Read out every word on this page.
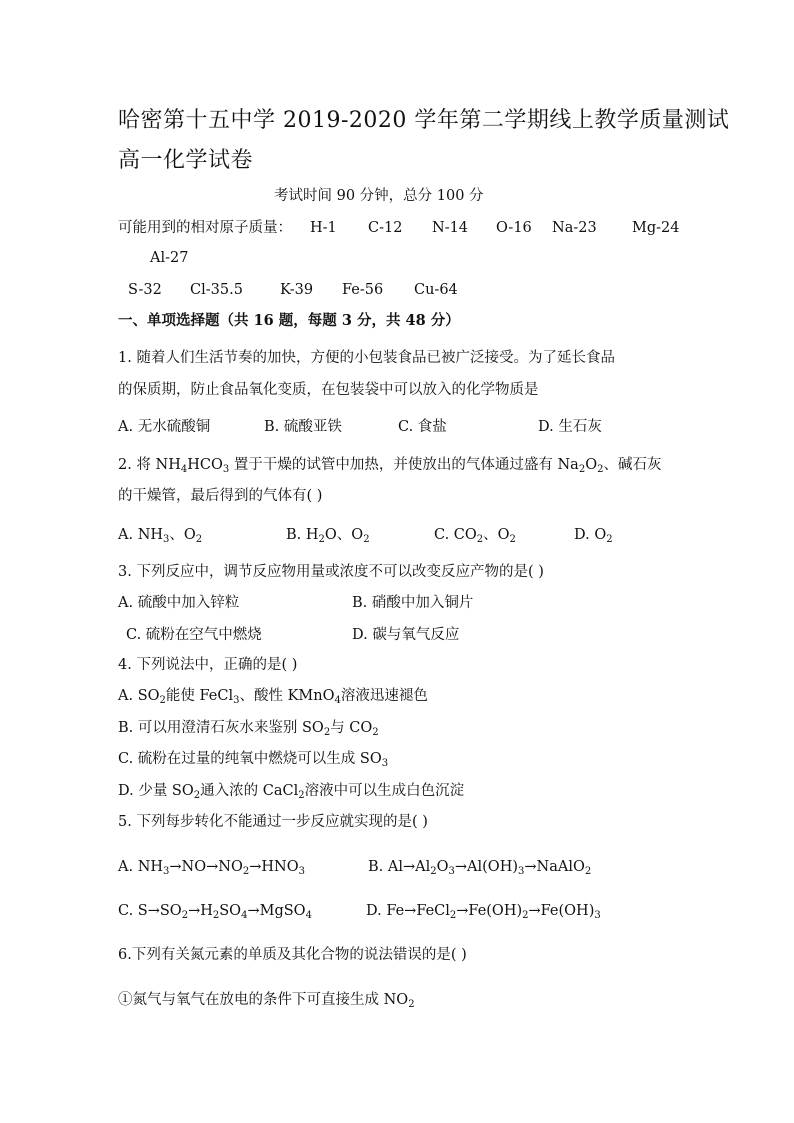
哈密第十五中学 2019-2020 学年第二学期线上教学质量测试
高一化学试卷
考试时间 90 分钟，总分 100 分
可能用到的相对原子质量： H-1 C-12 N-14 O-16 Na-23 Mg-24
Al-27
S-32 Cl-35.5	K-39 Fe-56 Cu-64
一、单项选择题（共 16 题，每题 3 分，共 48 分）
1. 随着人们生活节奏的加快，方便的小包装食品已被广泛接受。为了延长食品
的保质期，防止食品氧化变质，在包装袋中可以放入的化学物质是
A. 无水硫酸铜	B. 硫酸亚铁	C. 食盐	D. 生石灰
2. 将 $NH_4HCO_3$ 置于干燥的试管中加热，并使放出的气体通过盛有 $Na_2O_2$、碱石灰
的干燥管，最后得到的气体有( )
A. $NH_3$、$O_2$	B. $H_2O$、$O_2$	C. $CO_2$、$O_2$	D. $O_2$
3. 下列反应中，调节反应物用量或浓度不可以改变反应产物的是( )
A. 硫酸中加入锌粒	B. 硝酸中加入铜片
C. 硫粉在空气中燃烧	D. 碳与氧气反应
4. 下列说法中，正确的是( )
A. $SO_2$能使 FeCl$_3$、酸性 KMnO$_4$溶液迅速褪色
B. 可以用澄清石灰水来鉴别 $SO_2$与 $CO_2$
C. 硫粉在过量的纯氧中燃烧可以生成 $SO_3$
D. 少量 $SO_2$通入浓的 CaCl$_2$溶液中可以生成白色沉淀
5. 下列每步转化不能通过一步反应就实现的是( )
A. $NH_3\to NO\to NO_2\to HNO_3$	B. $Al\to Al_2O_3\to Al(OH)_3\to NaAlO_2$
C. $S\to SO_2\to H_2SO_4\to MgSO_4$	D. $Fe\to FeCl_2\to Fe(OH)_2\to Fe(OH)_3$
6.下列有关氮元素的单质及其化合物的说法错误的是( )
①氮气与氧气在放电的条件下可直接生成 $NO_2$
